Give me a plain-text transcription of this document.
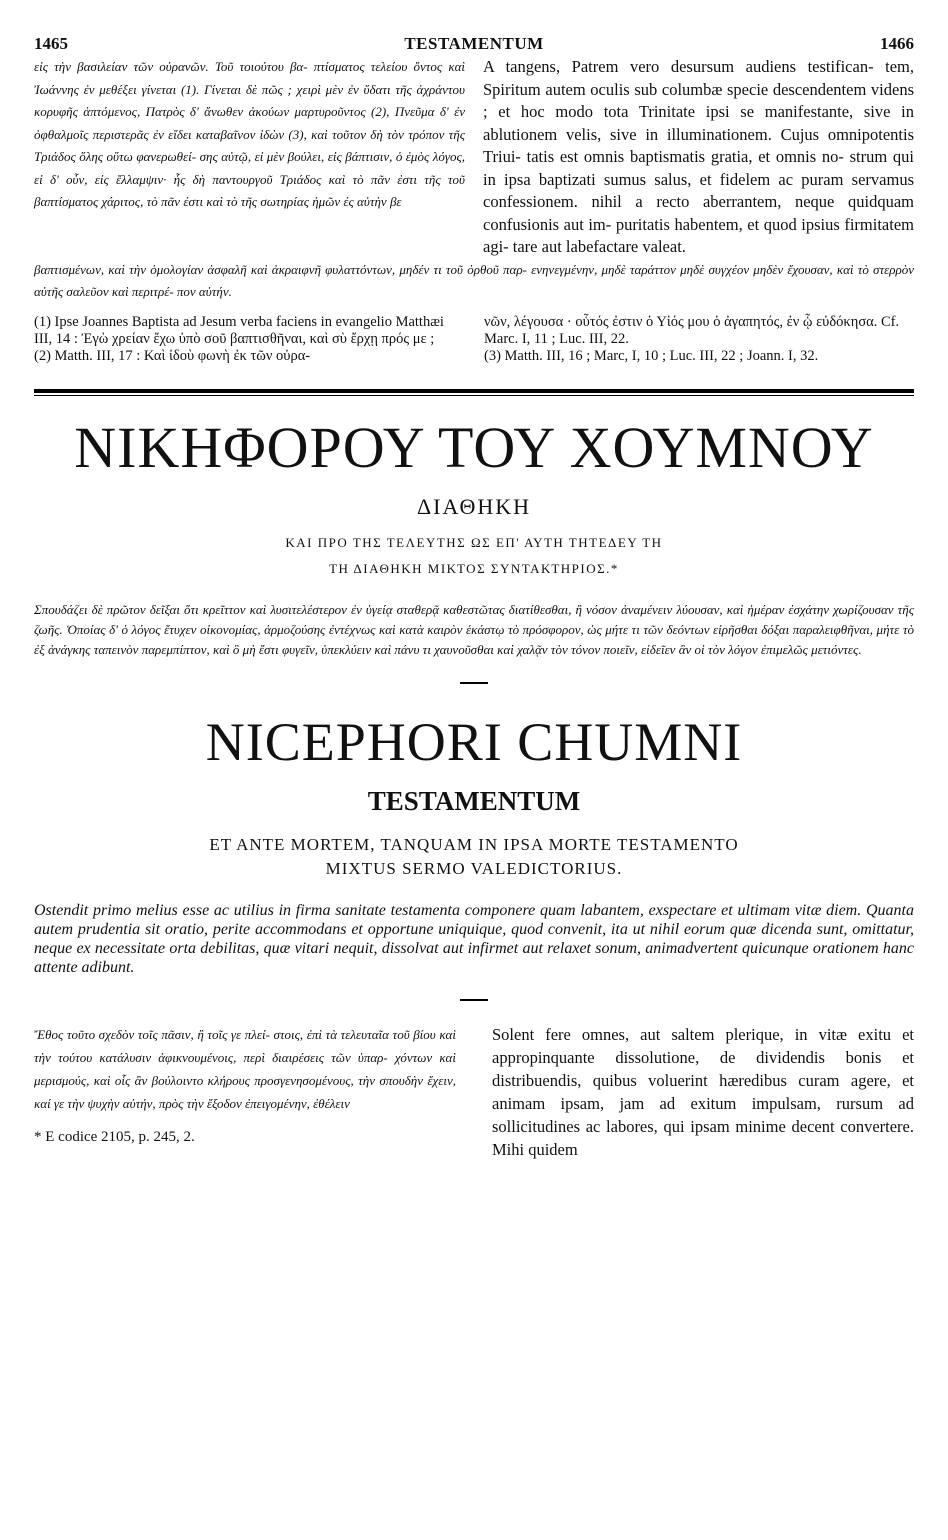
1465	TESTAMENTUM	1466
εἰς τὴν βασιλείαν τῶν οὐρανῶν. Τοῦ τοιούτου βα- πτίσματος τελείου ὄντος καὶ Ἰωάννης ἐν μεθέξει γίνεται (1). Γίνεται δὲ πῶς ; χειρὶ μὲν ἐν ὕδατι τῆς ἀχράντου κορυφῆς ἁπτόμενος, Πατρὸς δ' ἄνωθεν ἀκούων μαρτυροῦντος (2), Πνεῦμα δ' ἐν ὀφθαλμοῖς περιστερᾶς ἐν εἴδει καταβαῖνον ἰδὼν (3), καὶ τοῦτον δὴ τὸν τρόπον τῆς Τριάδος ὅλης οὕτω φανερωθεί- σης αὐτῷ, εἰ μὲν βούλει, εἰς βάπτισιν, ὁ ἐμὸς λόγος, εἰ δ' οὖν, εἰς ἔλλαμψιν· ἧς δὴ παντουργοῦ Τριάδος καὶ τὸ πᾶν ἐστι τῆς τοῦ βαπτίσματος χάριτος, τὸ πᾶν ἐστι καὶ τὸ τῆς σωτηρίας ἡμῶν ἐς αὐτὴν βε
A tangens, Patrem vero desursum audiens testifican- tem, Spiritum autem oculis sub columbæ specie descendentem videns ; et hoc modo tota Trinitate ipsi se manifestante, sive in ablutionem velis, sive in illuminationem. Cujus omnipotentis Triui- tatis est omnis baptismatis gratia, et omnis no- strum qui in ipsa baptizati sumus salus, et fidelem ac puram servamus confessionem. nihil a recto aberrantem, neque quidquam confusionis aut im- puritatis habentem, et quod ipsius firmitatem agi- tare aut labefactare valeat.
βαπτισμένων, καὶ τὴν ὁμολογίαν ἀσφαλῆ καὶ ἀκραιφνῆ φυλαττόντων, μηδέν τι τοῦ ὀρθοῦ παρ- ενηνεγμένην, μηδὲ ταράττον μηδὲ συγχέον μηδὲν ἔχουσαν, καὶ τὸ στερρὸν αὐτῆς σαλεῦον καὶ περιτρέ- πον αὐτήν.

(1) Ipse Joannes Baptista ad Jesum verba faciens in evangelio Matthæi III, 14 : Ἐγὼ χρείαν ἔχω ὑπὸ σοῦ βαπτισθῆναι, καὶ σὺ ἔρχῃ πρός με ;

(2) Matth. III, 17 : Καὶ ἰδοὺ φωνὴ ἐκ τῶν οὐρα-

νῶν, λέγουσα · οὗτός ἐστιν ὁ Υἱός μου ὁ ἀγαπητός, ἐν ᾧ εὐδόκησα. Cf. Marc. I, 11 ; Luc. III, 22.

(3) Matth. III, 16 ; Marc, I, 10 ; Luc. III, 22 ; Joann. I, 32.

ΝΙΚΗΦΟΡΟΥ ΤΟΥ ΧΟΥΜΝΟΥ
ΔΙΑΘΗΚΗ
ΚΑΙ ΠΡΟ ΤΗΣ ΤΕΛΕΥΤΗΣ ΩΣ ΕΠ' ΑΥΤΗ ΤΗΤΕΔΕΥ ΤΗ
ΤΗ ΔΙΑΘΗΚΗ ΜΙΚΤΟΣ ΣΥΝΤΑΚΤΗΡΙΟΣ.*
Σπουδάζει δὲ πρῶτον δεῖξαι ὅτι κρεῖττον καὶ λυσιτελέστερον ἐν ὑγείᾳ σταθερᾷ καθεστῶτας διατίθεσθαι, ἢ νόσον ἀναμένειν λύουσαν, καὶ ἡμέραν ἐσχάτην χωρίζουσαν τῆς ζωῆς. Ὁποίας δ' ὁ λόγος ἔτυχεν οἰκονομίας, ἁρμοζούσης ἐντέχνως καὶ κατὰ καιρὸν ἑκάστῳ τὸ πρόσφορον, ὡς μήτε τι τῶν δεόντων εἰρῆσθαι δόξαι παραλειφθῆναι, μήτε τὸ ἐξ ἀνάγκης ταπεινὸν παρεμπίπτον, καὶ ὃ μὴ ἔστι φυγεῖν, ὑπεκλύειν καὶ πάνυ τι χαυνοῦσθαι καὶ χαλᾷν τὸν τόνον ποιεῖν, εἰδεῖεν ἂν οἱ τὸν λόγον ἐπιμελῶς μετιόντες.
NICEPHORI CHUMNI
TESTAMENTUM
ET ANTE MORTEM, TANQUAM IN IPSA MORTE TESTAMENTO
MIXTUS SERMO VALEDICTORIUS.
Ostendit primo melius esse ac utilius in firma sanitate testamenta componere quam labantem, exspectare et ultimam vitæ diem. Quanta autem prudentia sit oratio, perite accommodans et opportune uniquique, quod convenit, ita ut nihil eorum quæ dicenda sunt, omittatur, neque ex necessitate orta debilitas, quæ vitari nequit, dissolvat aut infirmet aut relaxet sonum, animadvertent quicunque orationem hanc attente adibunt.
Ἔθος τοῦτο σχεδὸν τοῖς πᾶσιν, ἢ τοῖς γε πλεί- στοις, ἐπὶ τὰ τελευταῖα τοῦ βίου καὶ τὴν τούτου κατάλυσιν ἀφικνουμένοις, περὶ διαιρέσεις τῶν ὑπαρ- χόντων καὶ μερισμούς, καὶ οἷς ἂν βούλοιντο κλήρους προσγενησομένους, τὴν σπουδὴν ἔχειν, καί γε τὴν ψυχὴν αὐτήν, πρὸς τὴν ἔξοδον ἐπειγομένην, ἐθέλειν
* E codice 2105, p. 245, 2.
Solent fere omnes, aut saltem plerique, in vitæ exitu et appropinquante dissolutione, de dividendis bonis et distribuendis, quibus voluerint hæredibus curam agere, et animam ipsam, jam ad exitum impulsam, rursum ad sollicitudines ac labores, qui ipsam minime decent convertere. Mihi quidem
